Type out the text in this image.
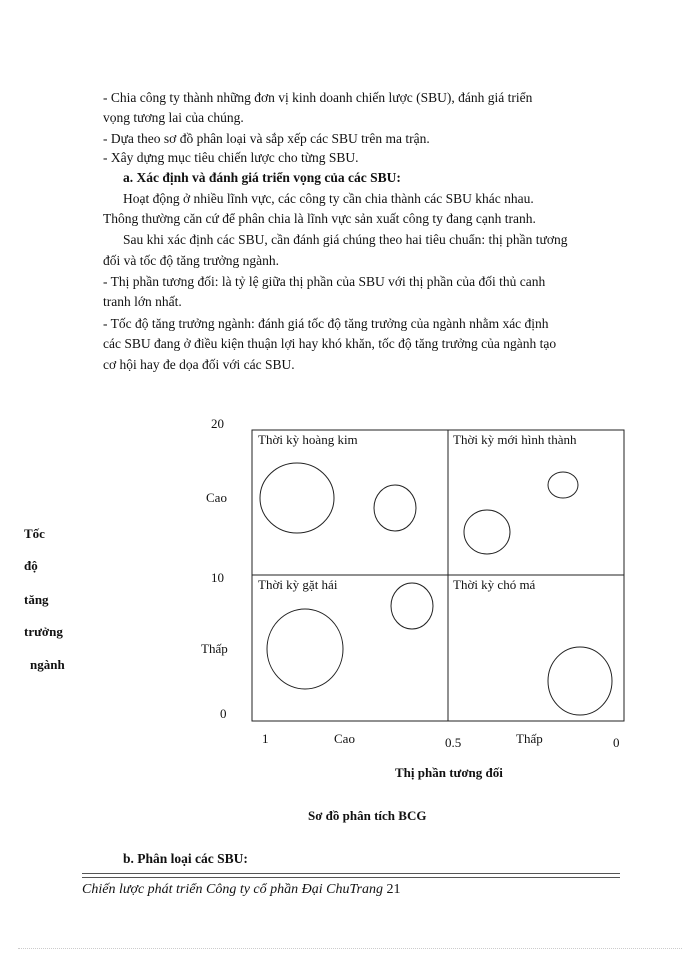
- Chia công ty thành những đơn vị kinh doanh chiến lược (SBU), đánh giá triển
vọng tương lai của chúng.
- Dựa theo sơ đồ phân loại và sắp xếp các SBU trên ma trận.
- Xây dựng mục tiêu chiến lược cho từng SBU.
a. Xác định và đánh giá triển vọng của các SBU:
Hoạt động ở nhiều lĩnh vực, các công ty cần chia thành các SBU khác nhau.
Thông thường căn cứ để phân chia là lĩnh vực sản xuất công ty đang cạnh tranh.
Sau khi xác định các SBU, cần đánh giá chúng theo hai tiêu chuẩn: thị phần tương
đối và tốc độ tăng trưởng ngành.
- Thị phần tương đối: là tỷ lệ giữa thị phần của SBU với thị phần của đối thủ canh
tranh lớn nhất.
- Tốc độ tăng trưởng ngành: đánh giá tốc độ tăng trưởng của ngành nhằm xác định
các SBU đang ở điều kiện thuận lợi hay khó khăn, tốc độ tăng trưởng của ngành tạo
cơ hội hay đe dọa đối với các SBU.
Thời kỳ hoàng kim	Thời kỳ mới hình thành
Thời kỳ gặt hái	Thời kỳ chó má
20
Cao
10
Thấp
0
1	Cao	0.5	Thấp	0
Tốc
độ
tăng
trưởng
ngành
Thị phần tương đối
Sơ đồ phân tích BCG
b. Phân loại các SBU:
Chiến lược phát triển Công ty cổ phần Đại ChuTrang 21
